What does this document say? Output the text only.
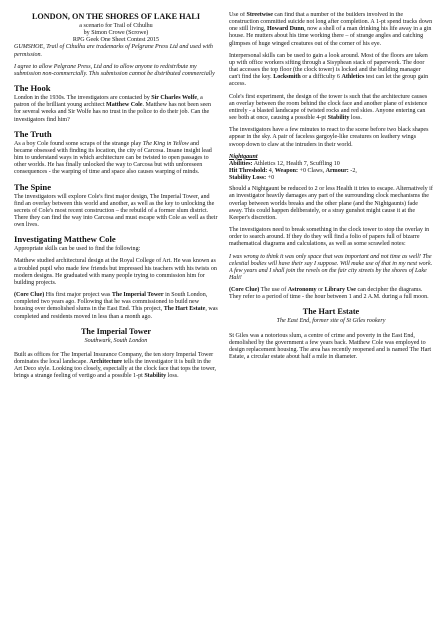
LONDON, ON THE SHORES OF LAKE HALI
a scenario for Trail of Cthulhu
by Simon Crowe (Scrowe)
RPG Geek One Sheet Contest 2015

GUMSHOE, Trail of Cthulhu are trademarks of Pelgrane Press Ltd and used with permission.

I agree to allow Pelgrane Press, Ltd and to allow anyone to redistribute my submission non-commercially. This submission cannot be distributed commercially

The Hook

London in the 1930s. The investigators are contacted by Sir Charles Wolfe, a patron of the brilliant young architect Matthew Cole. Matthew has not been seen for several weeks and Sir Wolfe has no trust in the police to do their job. Can the investigators find him?

The Truth

As a boy Cole found some scraps of the strange play The King in Yellow and became obsessed with finding its location, the city of Carcosa. Insane insight lead him to understand ways in which architecture can be twisted to open passages to other worlds. He has finally unlocked the way to Carcosa but with unforeseen consequences - the warping of time and space also causes warping of minds.

The Spine

The investigators will explore Cole's first major design, The Imperial Tower, and find an overlay between this world and another, as well as the key to unlocking the secrets of Cole's most recent construction – the rebuild of a former slum district. There they can find the way into Carcosa and must escape with Cole as well as their own lives.

Investigating Matthew Cole

Appropriate skills can be used to find the following:

Matthew studied architectural design at the Royal College of Art. He was known as a troubled pupil who made few friends but impressed his teachers with his twists on modern designs. He graduated with many people trying to commission him for building projects.

(Core Clue) His first major project was The Imperial Tower in South London, completed two years ago. Following that he was commissioned to build new housing over demolished slums in the East End. This project, The Hart Estate, was completed and residents moved in less than a month ago.

The Imperial Tower
Southwark, South London

Built as offices for The Imperial Insurance Company, the ten story Imperial Tower dominates the local landscape. Architecture tells the investigator it is built in the Art Deco style. Looking too closely, especially at the clock face that tops the tower, brings a strange feeling of vertigo and a possible 1-pt Stability loss.

Use of Streetwise can find that a number of the builders involved in the construction committed suicide not long after completion. A 1-pt spend tracks down one still living, Howard Dunn, now a shell of a man drinking his life away in a gin house. He mutters about his time working there – of strange angles and catching glimpses of huge winged creatures out of the corner of his eye.

Interpersonal skills can be used to gain a look around. Most of the floors are taken up with office workers sifting through a Sisyphean stack of paperwork. The door that accesses the top floor (the clock tower) is locked and the building manager can't find the key. Locksmith or a difficulty 6 Athletics test can let the group gain access.

Cole's first experiment, the design of the tower is such that the architecture causes an overlay between the room behind the clock face and another plane of existence entirely - a blasted landscape of twisted rocks and red skies. Anyone entering can see both at once, causing a possible 4-pt Stability loss.

The investigators have a few minutes to react to the scene before two black shapes appear in the sky. A pair of faceless gargoyle-like creatures on leathery wings swoop down to claw at the intruders in their world.

Nightgaunt
Abilities: Athletics 12, Health 7, Scuffling 10
Hit Threshold: 4, Weapon: +0 Claws, Armour: -2,
Stability Loss: +0

Should a Nightgaunt be reduced to 2 or less Health it tries to escape. Alternatively if an investigator heavily damages any part of the surrounding clock mechanisms the overlap between worlds breaks and the other plane (and the Nightgaunts) fade away. This could happen deliberately, or a stray gunshot might cause it at the Keeper's discretion.

The investigators need to break something in the clock tower to stop the overlay in order to search around. If they do they will find a folio of papers full of bizarre mathematical diagrams and calculations, as well as some scrawled notes:

I was wrong to think it was only space that was important and not time as well! The celestial bodies will have their say I suppose. Will make use of that in my next work. A few years and I shall join the revels on the fair city streets by the shores of Lake Hali!

(Core Clue) The use of Astronomy or Library Use can decipher the diagrams. They refer to a period of time - the hour between 1 and 2 A.M. during a full moon.

The Hart Estate
The East End, former site of St Giles rookery

St Giles was a notorious slum, a centre of crime and poverty in the East End, demolished by the government a few years back. Matthew Cole was employed to design replacement housing. The area has recently reopened and is named The Hart Estate, a circular estate about half a mile in diameter.
